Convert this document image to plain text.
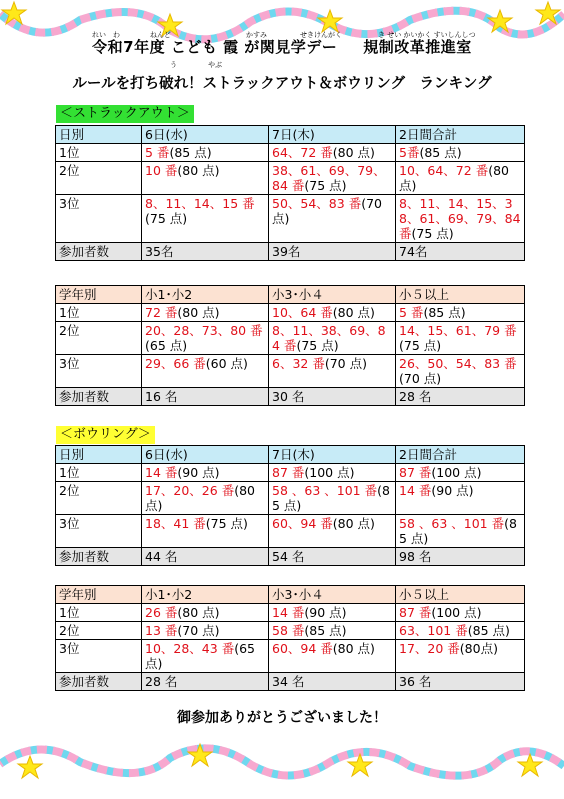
れい　わ	ねんど	かすみ	せきけんがく	き せい かいかく すいしんしつ
令和7年度 こども 霞 が関見学デー 規制改革推進室
う	やぶ
ルールを打ち破れ！ストラックアウト＆ボウリング　ランキング
＜ストラックアウト＞
＜ボウリング＞
日別	6日(水)	7日(木)	2日間合計
1位	5 番(85 点)	64、72 番(80 点)	5番(85 点)
2位	10 番(80 点)	38、61、69、79、84 番(75 点)	10、64、72 番(80 点)
3位	8、11、14、15 番(75 点)	50、54、83 番(70 点)	8、11、14、15、38、61、69、79、84番(75 点)
参加者数	35名	39名	74名
学年別	小1･小2	小3･小４	小５以上
1位	72 番(80 点)	10、64 番(80 点)	5 番(85 点)
2位	20、28、73、80 番(65 点)	8、11、38、69、84 番(75 点)	14、15、61、79 番(75 点)
3位	29、66 番(60 点)	6、32 番(70 点)	26、50、54、83 番(70 点)
参加者数	16 名	30 名	28 名
日別	6日(水)	7日(木)	2日間合計
1位	14 番(90 点)	87 番(100 点)	87 番(100 点)
2位	17、20、26 番(80 点)	58 、63 、101 番(85 点)	14 番(90 点)
3位	18、41 番(75 点)	60、94 番(80 点)	58 、63 、101 番(85 点)
参加者数	44 名	54 名	98 名
学年別	小1･小2	小3･小４	小５以上
1位	26 番(80 点)	14 番(90 点)	87 番(100 点)
2位	13 番(70 点)	58 番(85 点)	63、101 番(85 点)
3位	10、28、43 番(65 点)	60、94 番(80 点)	17、20 番(80点)
参加者数	28 名	34 名	36 名
御参加ありがとうございました！
